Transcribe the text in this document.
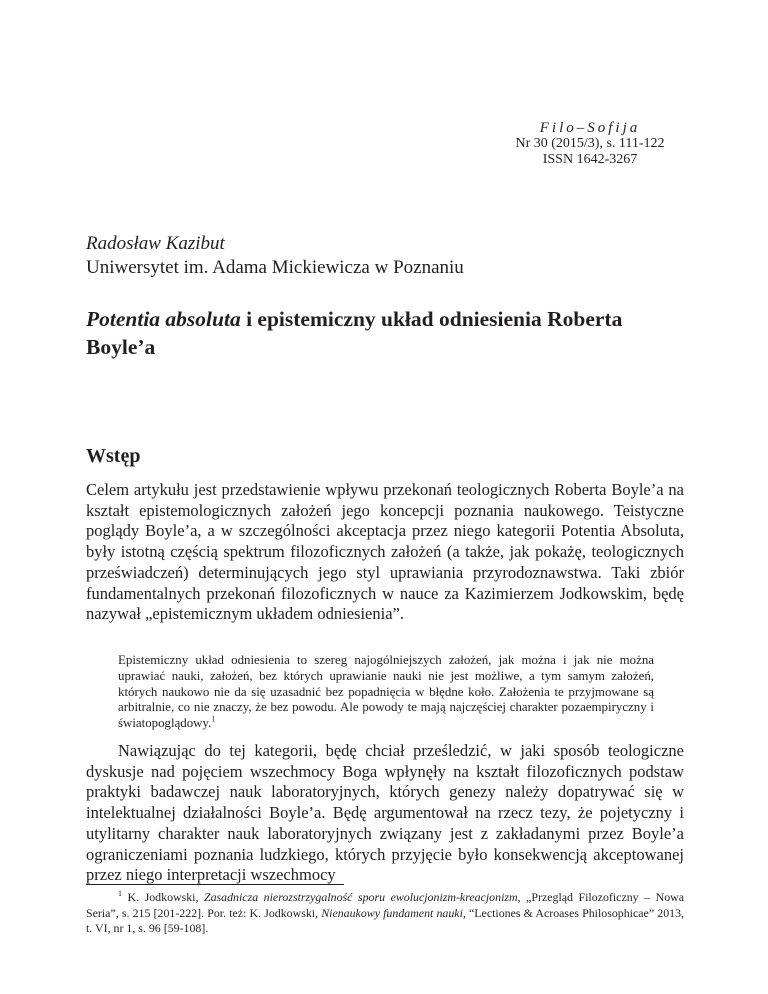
Filo–Sofija
Nr 30 (2015/3), s. 111-122
ISSN 1642-3267
Radosław Kazibut
Uniwersytet im. Adama Mickiewicza w Poznaniu
Potentia absoluta i epistemiczny układ odniesienia Roberta Boyle’a
Wstęp

Celem artykułu jest przedstawienie wpływu przekonań teologicznych Roberta Boyle’a na kształt epistemologicznych założeń jego koncepcji poznania naukowego. Teistyczne poglądy Boyle’a, a w szczególności akceptacja przez niego kategorii Potentia Absoluta, były istotną częścią spektrum filozoficznych założeń (a także, jak pokażę, teologicznych przeświadczeń) determinujących jego styl uprawiania przyrodoznawstwa. Taki zbiór fundamentalnych przekonań filozoficznych w nauce za Kazimierzem Jodkowskim, będę nazywał „epistemicznym układem odniesienia”.

Epistemiczny układ odniesienia to szereg najogólniejszych założeń, jak można i jak nie można uprawiać nauki, założeń, bez których uprawianie nauki nie jest możliwe, a tym samym założeń, których naukowo nie da się uzasadnić bez popadnięcia w błędne koło. Założenia te przyjmowane są arbitralnie, co nie znaczy, że bez powodu. Ale powody te mają najczęściej charakter pozaempiryczny i światopoglądowy.$^1$

Nawiązując do tej kategorii, będę chciał prześledzić, w jaki sposób teologiczne dyskusje nad pojęciem wszechmocy Boga wpłynęły na kształt filozoficznych podstaw praktyki badawczej nauk laboratoryjnych, których genezy należy dopatrywać się w intelektualnej działalności Boyle’a. Będę argumentował na rzecz tezy, że pojetyczny i utylitarny charakter nauk laboratoryjnych związany jest z zakładanymi przez Boyle’a ograniczeniami poznania ludzkiego, których przyjęcie było konsekwencją akceptowanej przez niego interpretacji wszechmocy

$^1$ K. Jodkowski, Zasadnicza nierozstrzygalność sporu ewolucjonizm-kreacjonizm, „Przegląd Filozoficzny – Nowa Seria”, s. 215 [201-222]. Por. też: K. Jodkowski, Nienaukowy fundament nauki, “Lectiones & Acroases Philosophicae” 2013, t. VI, nr 1, s. 96 [59-108].
